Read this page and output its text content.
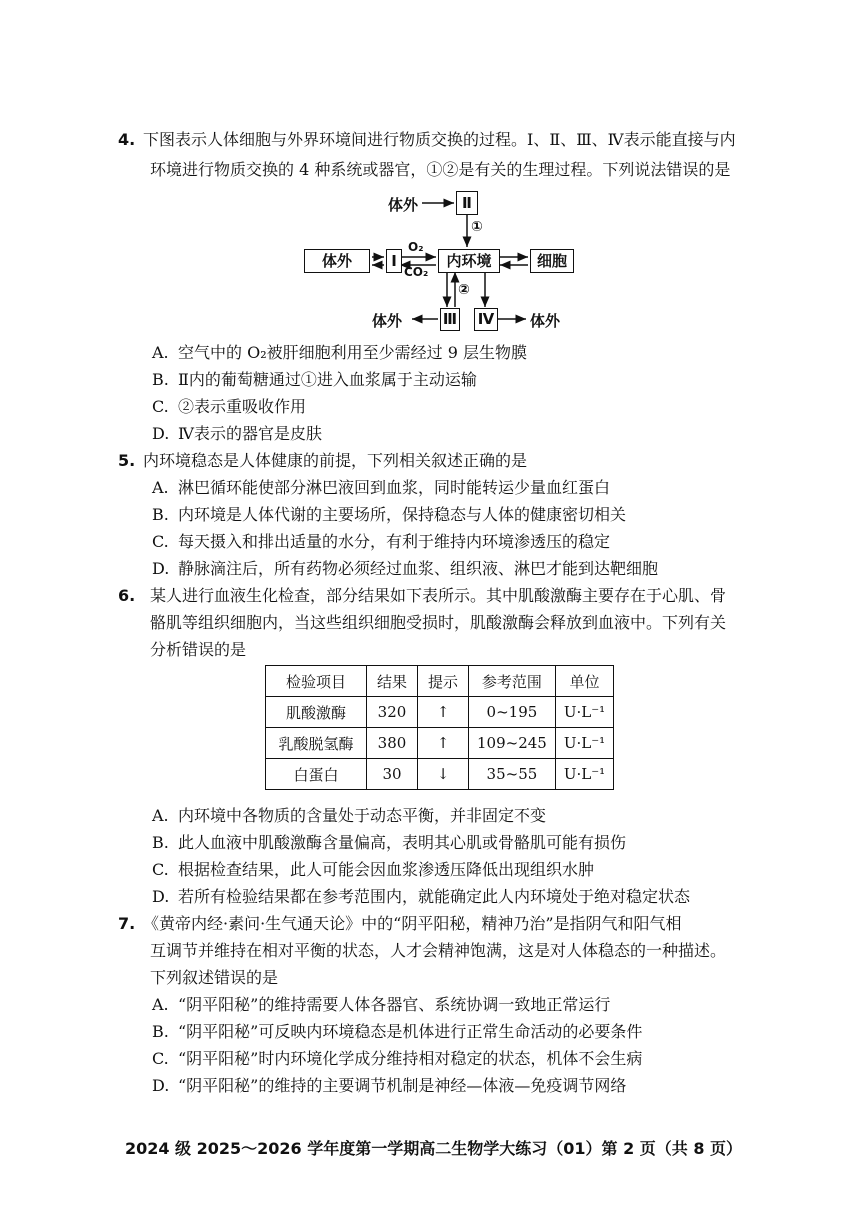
4. 下图表示人体细胞与外界环境间进行物质交换的过程。Ⅰ、Ⅱ、Ⅲ、Ⅳ表示能直接与内
环境进行物质交换的 4 种系统或器官，①②是有关的生理过程。下列说法错误的是
体外	Ⅱ
①
体外	Ⅰ
O₂
CO₂
内环境	细胞
②
Ⅲ Ⅳ
体外	体外
A. 空气中的 O₂被肝细胞利用至少需经过 9 层生物膜
B. Ⅱ内的葡萄糖通过①进入血浆属于主动运输
C. ②表示重吸收作用
D. Ⅳ表示的器官是皮肤
5. 内环境稳态是人体健康的前提，下列相关叙述正确的是
A. 淋巴循环能使部分淋巴液回到血浆，同时能转运少量血红蛋白
B. 内环境是人体代谢的主要场所，保持稳态与人体的健康密切相关
C. 每天摄入和排出适量的水分，有利于维持内环境渗透压的稳定
D. 静脉滴注后，所有药物必须经过血浆、组织液、淋巴才能到达靶细胞
6. 某人进行血液生化检查，部分结果如下表所示。其中肌酸激酶主要存在于心肌、骨
骼肌等组织细胞内，当这些组织细胞受损时，肌酸激酶会释放到血液中。下列有关
分析错误的是
检验项目	结果	提示	参考范围	单位
肌酸激酶	320	↑	0~195	U·L⁻¹
乳酸脱氢酶	380	↑	109~245	U·L⁻¹
白蛋白	30	↓	35~55	U·L⁻¹
A. 内环境中各物质的含量处于动态平衡，并非固定不变
B. 此人血液中肌酸激酶含量偏高，表明其心肌或骨骼肌可能有损伤
C. 根据检查结果，此人可能会因血浆渗透压降低出现组织水肿
D. 若所有检验结果都在参考范围内，就能确定此人内环境处于绝对稳定状态
7. 《黄帝内经·素问·生气通天论》中的“阴平阳秘，精神乃治”是指阴气和阳气相
互调节并维持在相对平衡的状态，人才会精神饱满，这是对人体稳态的一种描述。
下列叙述错误的是
A. “阴平阳秘”的维持需要人体各器官、系统协调一致地正常运行
B. “阴平阳秘”可反映内环境稳态是机体进行正常生命活动的必要条件
C. “阴平阳秘”时内环境化学成分维持相对稳定的状态，机体不会生病
D. “阴平阳秘”的维持的主要调节机制是神经—体液—免疫调节网络
2024 级 2025～2026 学年度第一学期高二生物学大练习（01）第 2 页（共 8 页）
